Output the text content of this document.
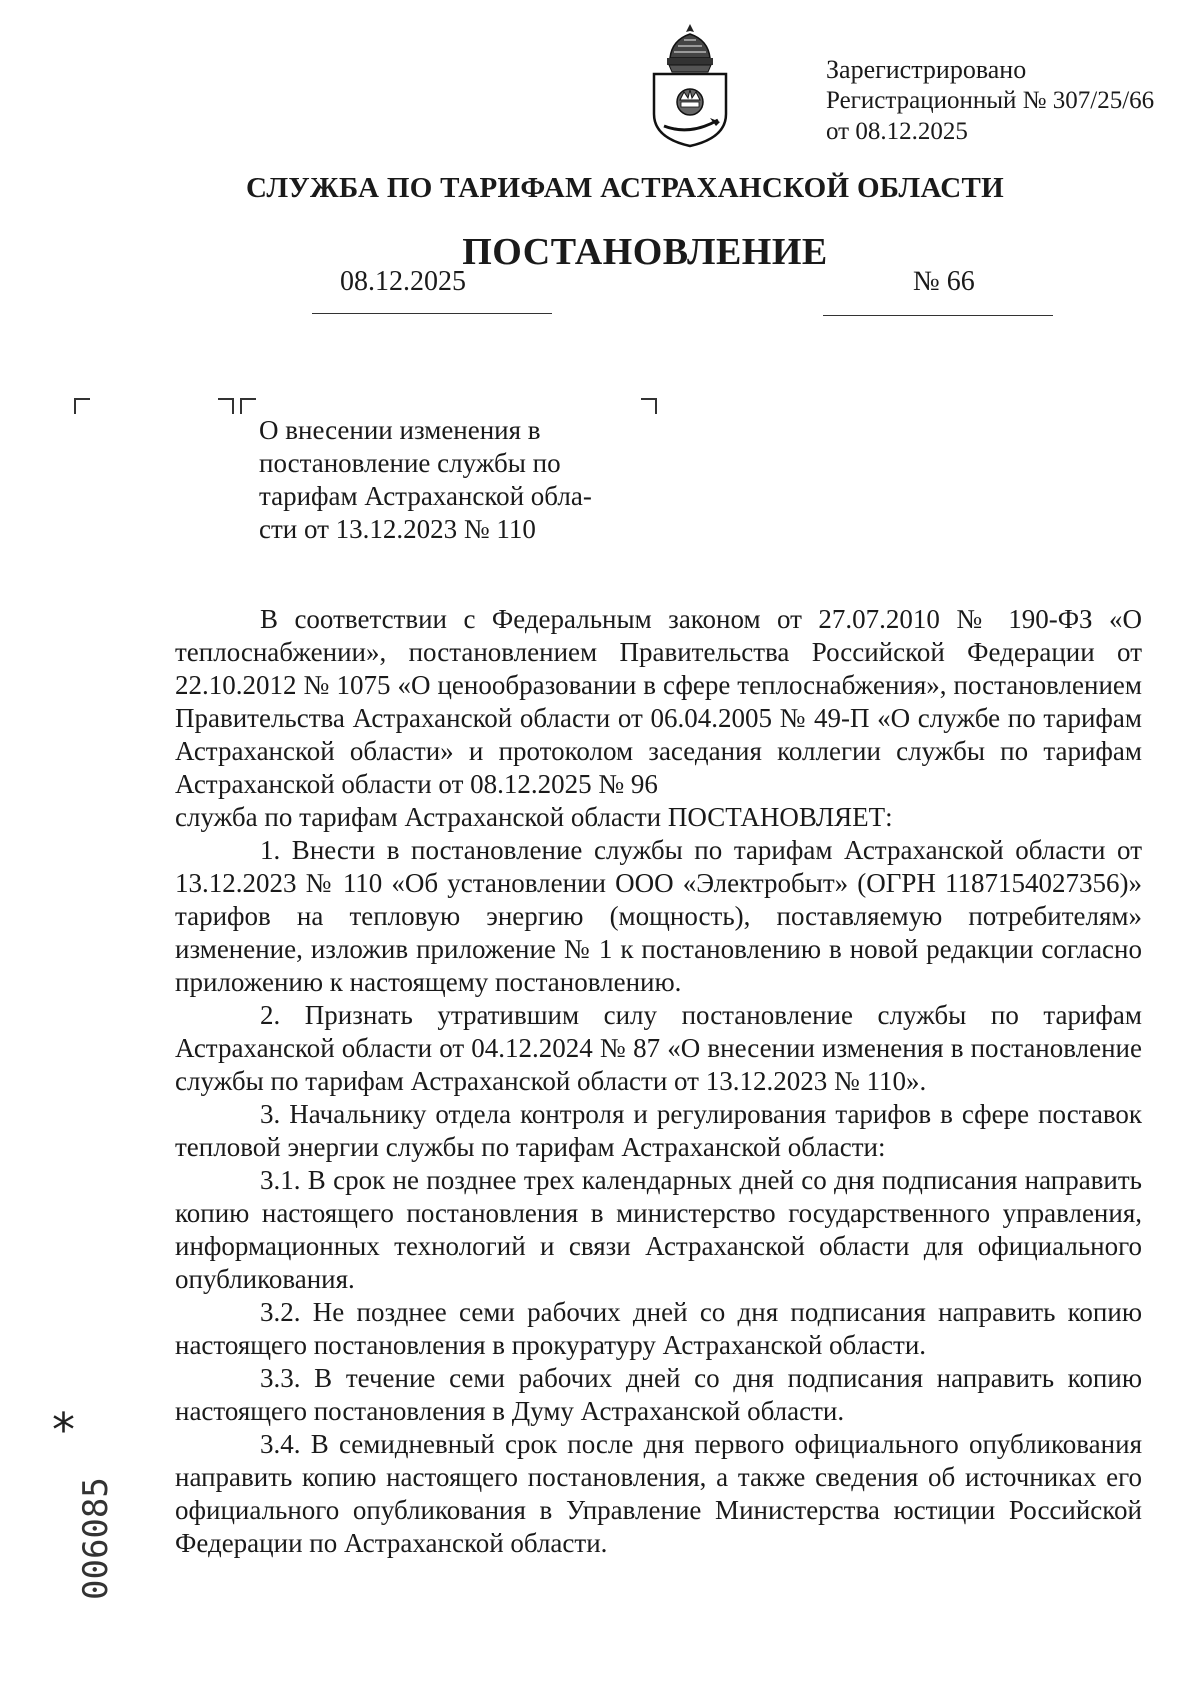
Зарегистрировано
Регистрационный № 307/25/66
от 08.12.2025
СЛУЖБА ПО ТАРИФАМ АСТРАХАНСКОЙ ОБЛАСТИ
ПОСТАНОВЛЕНИЕ
08.12.2025	№ 66
О внесении изменения в
постановление службы по
тарифам Астраханской обла-
сти от 13.12.2023 № 110

В соответствии с Федеральным законом от 27.07.2010 № 190-ФЗ «О теплоснабжении», постановлением Правительства Российской Федерации от 22.10.2012 № 1075 «О ценообразовании в сфере теплоснабжения», постановлением Правительства Астраханской области от 06.04.2005 № 49-П «О службе по тарифам Астраханской области» и протоколом заседания коллегии службы по тарифам Астраханской области от 08.12.2025 № 96

служба по тарифам Астраханской области ПОСТАНОВЛЯЕТ:

1. Внести в постановление службы по тарифам Астраханской области от 13.12.2023 № 110 «Об установлении ООО «Электробыт» (ОГРН 1187154027356)» тарифов на тепловую энергию (мощность), поставляемую потребителям» изменение, изложив приложение № 1 к постановлению в новой редакции согласно приложению к настоящему постановлению.

2. Признать утратившим силу постановление службы по тарифам Астраханской области от 04.12.2024 № 87 «О внесении изменения в постановление службы по тарифам Астраханской области от 13.12.2023 № 110».

3. Начальнику отдела контроля и регулирования тарифов в сфере поставок тепловой энергии службы по тарифам Астраханской области:

3.1. В срок не позднее трех календарных дней со дня подписания направить копию настоящего постановления в министерство государственного управления, информационных технологий и связи Астраханской области для официального опубликования.

3.2. Не позднее семи рабочих дней со дня подписания направить копию настоящего постановления в прокуратуру Астраханской области.

3.3. В течение семи рабочих дней со дня подписания направить копию настоящего постановления в Думу Астраханской области.

3.4. В семидневный срок после дня первого официального опубликования направить копию настоящего постановления, а также сведения об источниках его официального опубликования в Управление Министерства юстиции Российской Федерации по Астраханской области.

*
006085
